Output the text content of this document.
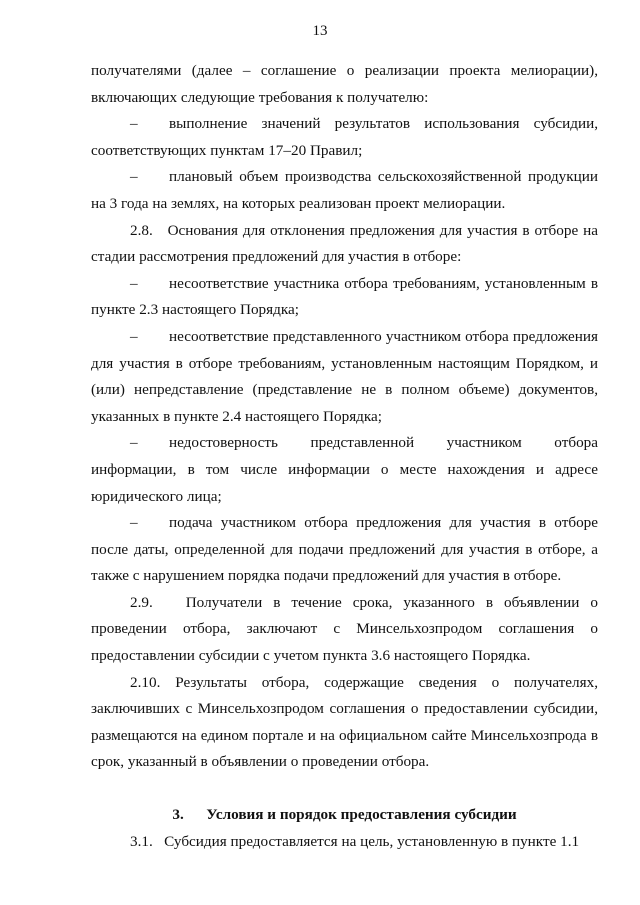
13

получателями (далее – соглашение о реализации проекта мелиорации), включающих следующие требования к получателю:

– выполнение значений результатов использования субсидии, соответствующих пунктам 17–20 Правил;

– плановый объем производства сельскохозяйственной продукции на 3 года на землях, на которых реализован проект мелиорации.

2.8. Основания для отклонения предложения для участия в отборе на стадии рассмотрения предложений для участия в отборе:

– несоответствие участника отбора требованиям, установленным в пункте 2.3 настоящего Порядка;

– несоответствие представленного участником отбора предложения для участия в отборе требованиям, установленным настоящим Порядком, и (или) непредставление (представление не в полном объеме) документов, указанных в пункте 2.4 настоящего Порядка;

– недостоверность представленной участником отбора информации, в том числе информации о месте нахождения и адресе юридического лица;

– подача участником отбора предложения для участия в отборе после даты, определенной для подачи предложений для участия в отборе, а также с нарушением порядка подачи предложений для участия в отборе.

2.9. Получатели в течение срока, указанного в объявлении о проведении отбора, заключают с Минсельхозпродом соглашения о предоставлении субсидии с учетом пункта 3.6 настоящего Порядка.

2.10. Результаты отбора, содержащие сведения о получателях, заключивших с Минсельхозпродом соглашения о предоставлении субсидии, размещаются на едином портале и на официальном сайте Минсельхозпрода в срок, указанный в объявлении о проведении отбора.

3. Условия и порядок предоставления субсидии

3.1. Субсидия предоставляется на цель, установленную в пункте 1.1
